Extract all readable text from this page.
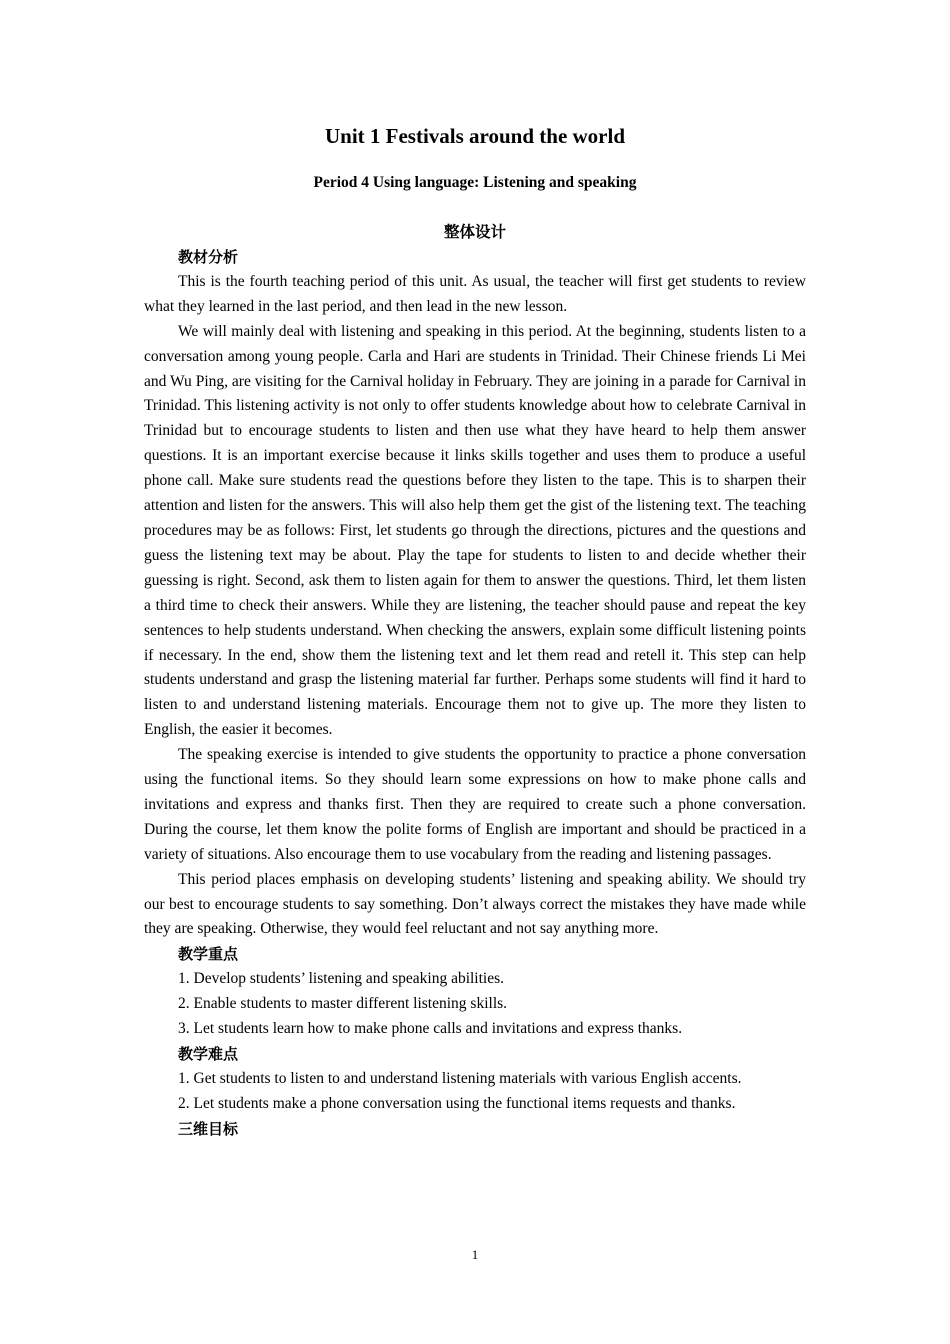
Unit 1 Festivals around the world
Period 4 Using language: Listening and speaking
整体设计
教材分析

This is the fourth teaching period of this unit. As usual, the teacher will first get students to review what they learned in the last period, and then lead in the new lesson.

We will mainly deal with listening and speaking in this period. At the beginning, students listen to a conversation among young people. Carla and Hari are students in Trinidad. Their Chinese friends Li Mei and Wu Ping, are visiting for the Carnival holiday in February. They are joining in a parade for Carnival in Trinidad. This listening activity is not only to offer students knowledge about how to celebrate Carnival in Trinidad but to encourage students to listen and then use what they have heard to help them answer questions. It is an important exercise because it links skills together and uses them to produce a useful phone call. Make sure students read the questions before they listen to the tape. This is to sharpen their attention and listen for the answers. This will also help them get the gist of the listening text. The teaching procedures may be as follows: First, let students go through the directions, pictures and the questions and guess the listening text may be about. Play the tape for students to listen to and decide whether their guessing is right. Second, ask them to listen again for them to answer the questions. Third, let them listen a third time to check their answers. While they are listening, the teacher should pause and repeat the key sentences to help students understand. When checking the answers, explain some difficult listening points if necessary. In the end, show them the listening text and let them read and retell it. This step can help students understand and grasp the listening material far further. Perhaps some students will find it hard to listen to and understand listening materials. Encourage them not to give up. The more they listen to English, the easier it becomes.

The speaking exercise is intended to give students the opportunity to practice a phone conversation using the functional items. So they should learn some expressions on how to make phone calls and invitations and express and thanks first. Then they are required to create such a phone conversation. During the course, let them know the polite forms of English are important and should be practiced in a variety of situations. Also encourage them to use vocabulary from the reading and listening passages.

This period places emphasis on developing students’ listening and speaking ability. We should try our best to encourage students to say something. Don’t always correct the mistakes they have made while they are speaking. Otherwise, they would feel reluctant and not say anything more.

教学重点

1. Develop students’ listening and speaking abilities.

2. Enable students to master different listening skills.

3. Let students learn how to make phone calls and invitations and express thanks.

教学难点

1. Get students to listen to and understand listening materials with various English accents.

2. Let students make a phone conversation using the functional items requests and thanks.

三维目标
1
